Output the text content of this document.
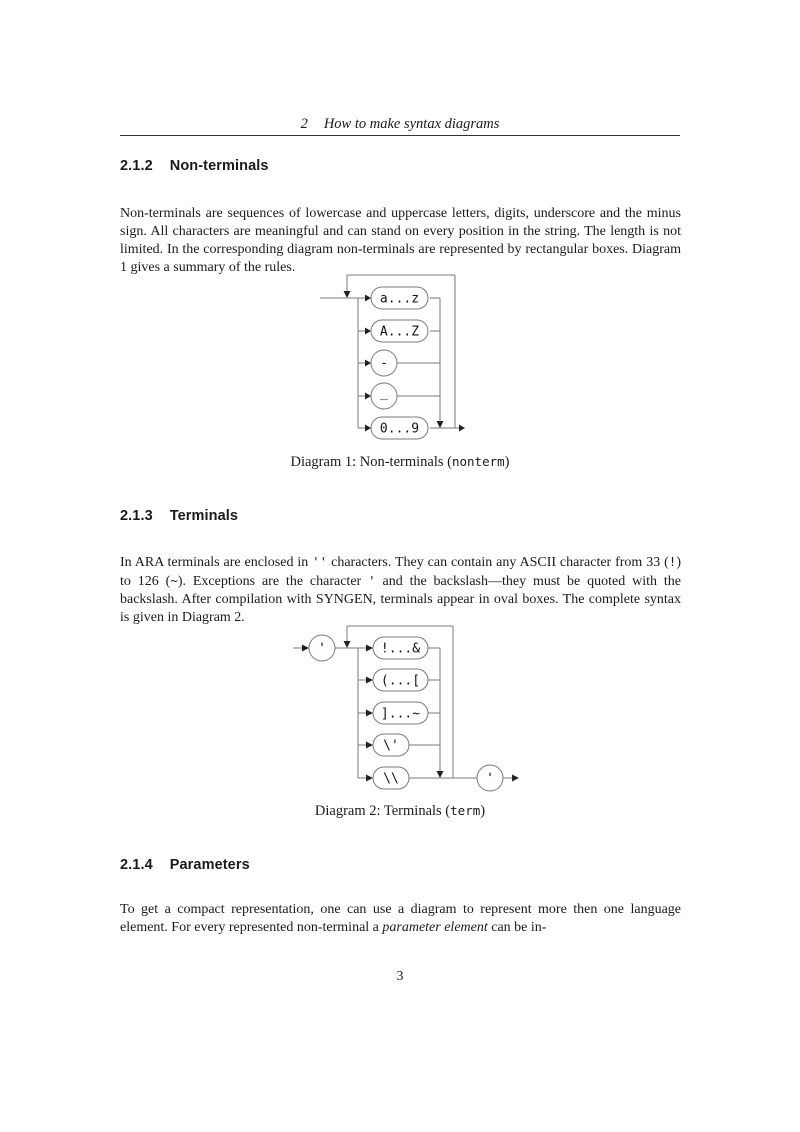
2 How to make syntax diagrams
2.1.2 Non-terminals

Non-terminals are sequences of lowercase and uppercase letters, digits, underscore and the minus sign. All characters are meaningful and can stand on every position in the string. The length is not limited. In the corresponding diagram non-terminals are represented by rectangular boxes. Diagram 1 gives a summary of the rules.

a...z
A...Z
-
_
0...9
Diagram 1: Non-terminals (nonterm)
2.1.3 Terminals

In ARA terminals are enclosed in '' characters. They can contain any ASCII character from 33 (!) to 126 (~). Exceptions are the character ' and the backslash—they must be quoted with the backslash. After compilation with SYNGEN, terminals appear in oval boxes. The complete syntax is given in Diagram 2.

'	!...&
(...[
]...~
\'
\\	'
Diagram 2: Terminals (term)
2.1.4 Parameters

To get a compact representation, one can use a diagram to represent more then one language element. For every represented non-terminal a parameter element can be in-

3
